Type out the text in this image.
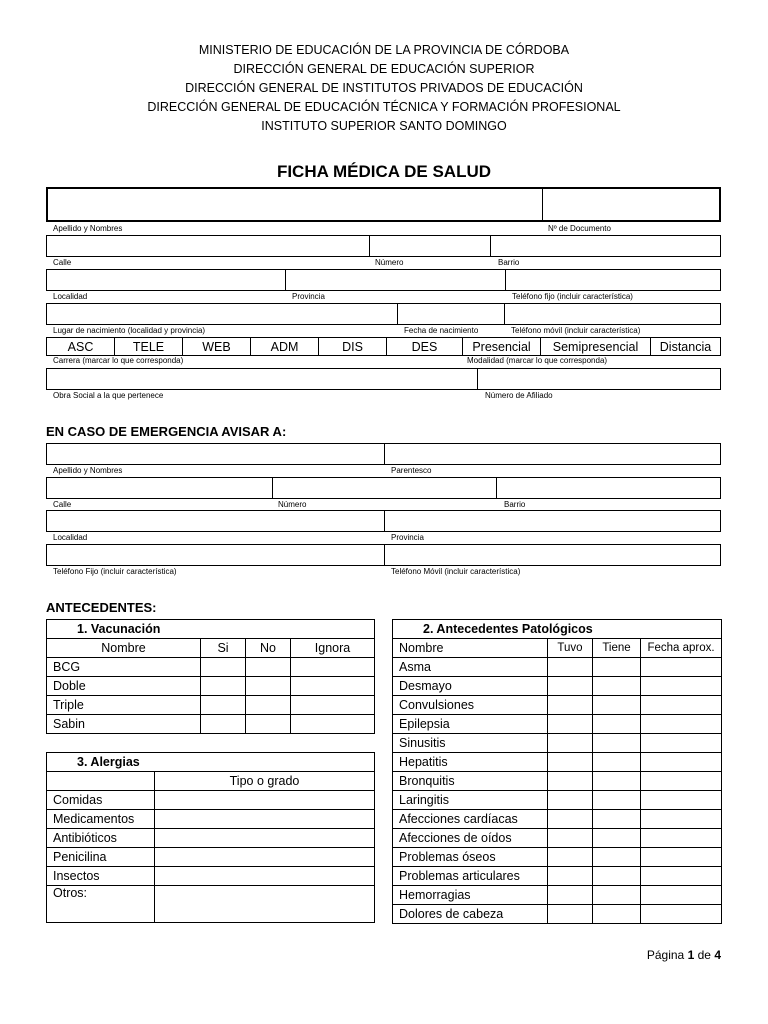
MINISTERIO DE EDUCACIÓN DE LA PROVINCIA DE CÓRDOBA
DIRECCIÓN GENERAL DE EDUCACIÓN SUPERIOR
DIRECCIÓN GENERAL DE INSTITUTOS PRIVADOS DE EDUCACIÓN
DIRECCIÓN GENERAL DE EDUCACIÓN TÉCNICA Y FORMACIÓN PROFESIONAL
INSTITUTO SUPERIOR SANTO DOMINGO
FICHA MÉDICA DE SALUD
Apellido y Nombres	Nº de Documento
Calle	Número	Barrio
Localidad	Provincia	Teléfono fijo (incluir característica)
Lugar de nacimiento (localidad y provincia)	Fecha de nacimiento	Teléfono móvil (incluir característica)
ASC	TELE	WEB	ADM	DIS	DES	Presencial	Semipresencial	Distancia
Carrera (marcar lo que corresponda)	Modalidad (marcar lo que corresponda)
Obra Social a la que pertenece	Número de Afiliado
EN CASO DE EMERGENCIA AVISAR A:
Apellido y Nombres	Parentesco
Calle	Número	Barrio
Localidad	Provincia
Teléfono Fijo (incluir característica)	Teléfono Móvil (incluir característica)
ANTECEDENTES:
1. Vacunación			
Nombre	Si	No	Ignora
BCG			
Doble			
Triple			
Sabin			
3. Alergias	
	Tipo o grado
Comidas	
Medicamentos	
Antibióticos	
Penicilina	
Insectos	
Otros:	
2. Antecedentes Patológicos			
Nombre	Tuvo	Tiene	Fecha aprox.
Asma			
Desmayo			
Convulsiones			
Epilepsia			
Sinusitis			
Hepatitis			
Bronquitis			
Laringitis			
Afecciones cardíacas			
Afecciones de oídos			
Problemas óseos			
Problemas articulares			
Hemorragias			
Dolores de cabeza			
Página 1 de 4
